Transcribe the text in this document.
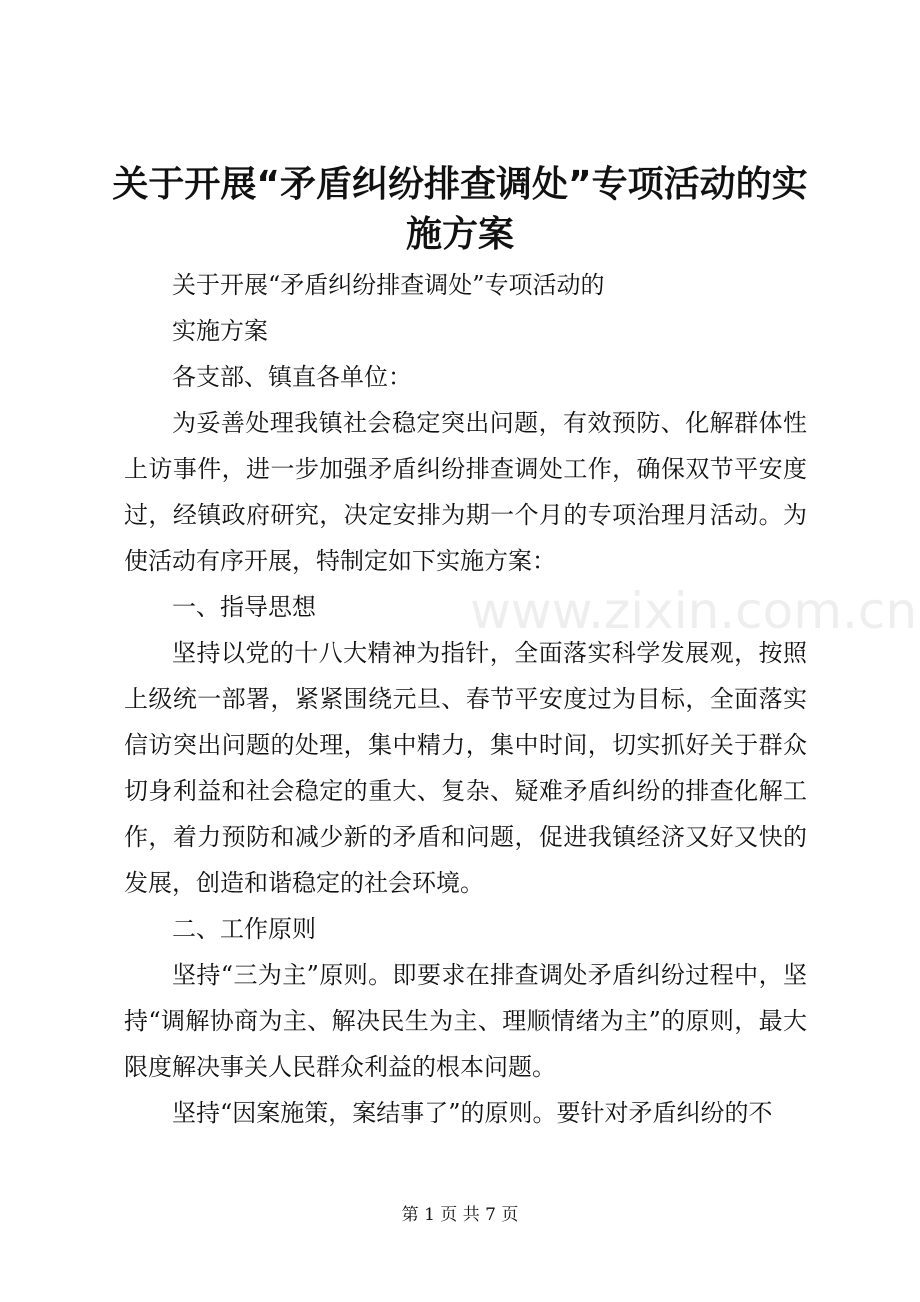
关于开展“矛盾纠纷排查调处”专项活动的实施方案

关于开展“矛盾纠纷排查调处”专项活动的

实施方案

各支部、镇直各单位：

为妥善处理我镇社会稳定突出问题，有效预防、化解群体性上访事件，进一步加强矛盾纠纷排查调处工作，确保双节平安度过，经镇政府研究，决定安排为期一个月的专项治理月活动。为使活动有序开展，特制定如下实施方案：

一、指导思想

坚持以党的十八大精神为指针，全面落实科学发展观，按照上级统一部署，紧紧围绕元旦、春节平安度过为目标，全面落实信访突出问题的处理，集中精力，集中时间，切实抓好关于群众切身利益和社会稳定的重大、复杂、疑难矛盾纠纷的排查化解工作，着力预防和减少新的矛盾和问题，促进我镇经济又好又快的发展，创造和谐稳定的社会环境。

二、工作原则

坚持“三为主”原则。即要求在排查调处矛盾纠纷过程中，坚持“调解协商为主、解决民生为主、理顺情绪为主”的原则，最大限度解决事关人民群众利益的根本问题。

坚持“因案施策，案结事了”的原则。要针对矛盾纠纷的不

www.zixin.com.cn
第 1 页 共 7 页
